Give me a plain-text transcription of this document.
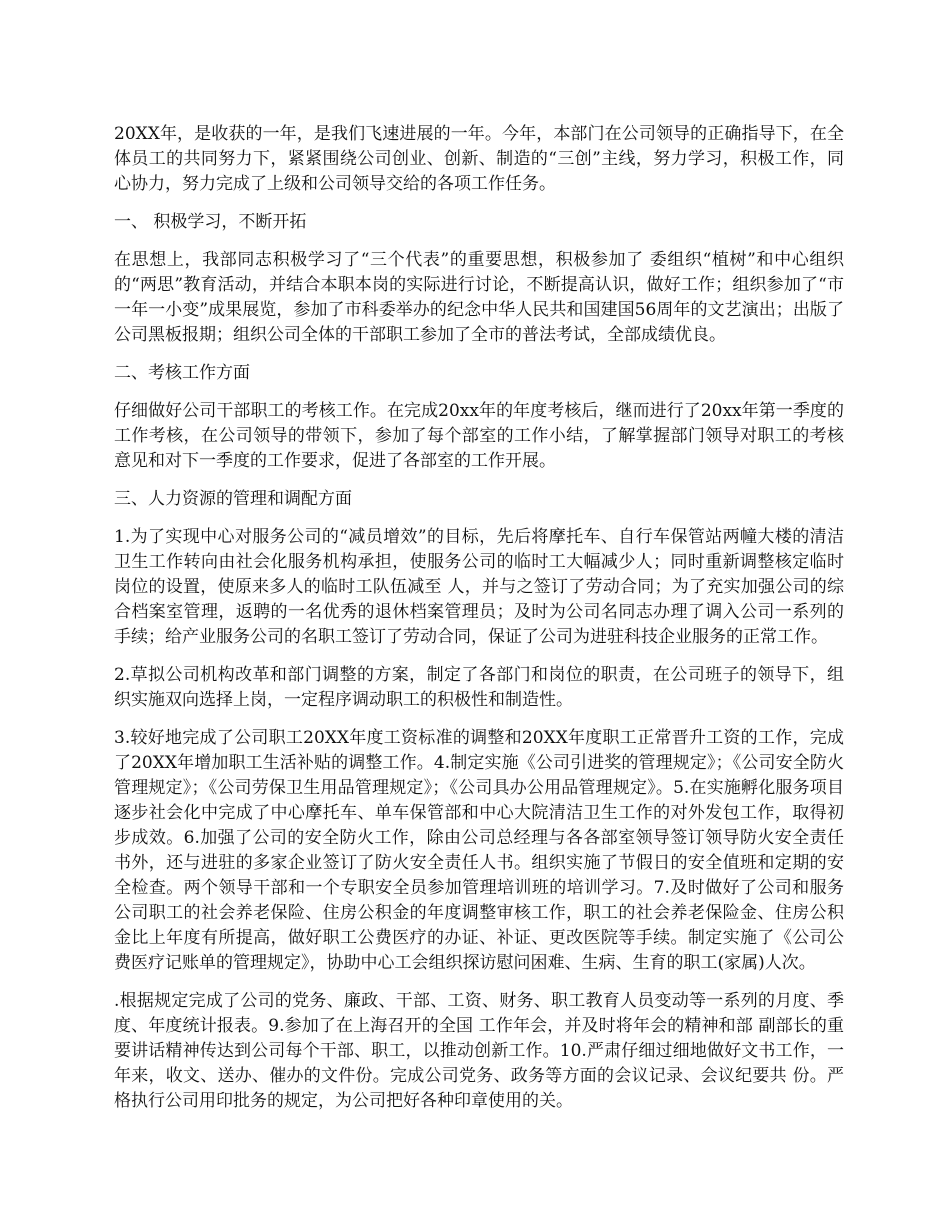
20XX年，是收获的一年，是我们飞速进展的一年。今年，本部门在公司领导的正确指导下，在全体员工的共同努力下，紧紧围绕公司创业、创新、制造的“三创”主线，努力学习，积极工作，同心协力，努力完成了上级和公司领导交给的各项工作任务。

一、 积极学习，不断开拓

在思想上，我部同志积极学习了“三个代表”的重要思想，积极参加了 委组织“植树”和中心组织的“两思”教育活动，并结合本职本岗的实际进行讨论，不断提高认识，做好工作；组织参加了“市一年一小变”成果展览，参加了市科委举办的纪念中华人民共和国建国56周年的文艺演出；出版了公司黑板报期；组织公司全体的干部职工参加了全市的普法考试，全部成绩优良。

二、考核工作方面

仔细做好公司干部职工的考核工作。在完成20xx年的年度考核后，继而进行了20xx年第一季度的工作考核，在公司领导的带领下，参加了每个部室的工作小结，了解掌握部门领导对职工的考核意见和对下一季度的工作要求，促进了各部室的工作开展。

三、人力资源的管理和调配方面

1.为了实现中心对服务公司的“减员增效”的目标，先后将摩托车、自行车保管站两幢大楼的清洁卫生工作转向由社会化服务机构承担，使服务公司的临时工大幅减少人；同时重新调整核定临时岗位的设置，使原来多人的临时工队伍减至 人，并与之签订了劳动合同；为了充实加强公司的综合档案室管理，返聘的一名优秀的退休档案管理员；及时为公司名同志办理了调入公司一系列的手续；给产业服务公司的名职工签订了劳动合同，保证了公司为进驻科技企业服务的正常工作。

2.草拟公司机构改革和部门调整的方案，制定了各部门和岗位的职责，在公司班子的领导下，组织实施双向选择上岗，一定程序调动职工的积极性和制造性。

3.较好地完成了公司职工20XX年度工资标准的调整和20XX年度职工正常晋升工资的工作，完成了20XX年增加职工生活补贴的调整工作。4.制定实施《公司引进奖的管理规定》；《公司安全防火管理规定》；《公司劳保卫生用品管理规定》；《公司具办公用品管理规定》。5.在实施孵化服务项目逐步社会化中完成了中心摩托车、单车保管部和中心大院清洁卫生工作的对外发包工作，取得初步成效。6.加强了公司的安全防火工作，除由公司总经理与各各部室领导签订领导防火安全责任书外，还与进驻的多家企业签订了防火安全责任人书。组织实施了节假日的安全值班和定期的安全检查。两个领导干部和一个专职安全员参加管理培训班的培训学习。7.及时做好了公司和服务公司职工的社会养老保险、住房公积金的年度调整审核工作，职工的社会养老保险金、住房公积金比上年度有所提高，做好职工公费医疗的办证、补证、更改医院等手续。制定实施了《公司公费医疗记账单的管理规定》，协助中心工会组织探访慰问困难、生病、生育的职工(家属)人次。

.根据规定完成了公司的党务、廉政、干部、工资、财务、职工教育人员变动等一系列的月度、季度、年度统计报表。9.参加了在上海召开的全国 工作年会，并及时将年会的精神和部 副部长的重要讲话精神传达到公司每个干部、职工，以推动创新工作。10.严肃仔细过细地做好文书工作，一年来，收文、送办、催办的文件份。完成公司党务、政务等方面的会议记录、会议纪要共 份。严格执行公司用印批务的规定，为公司把好各种印章使用的关。
